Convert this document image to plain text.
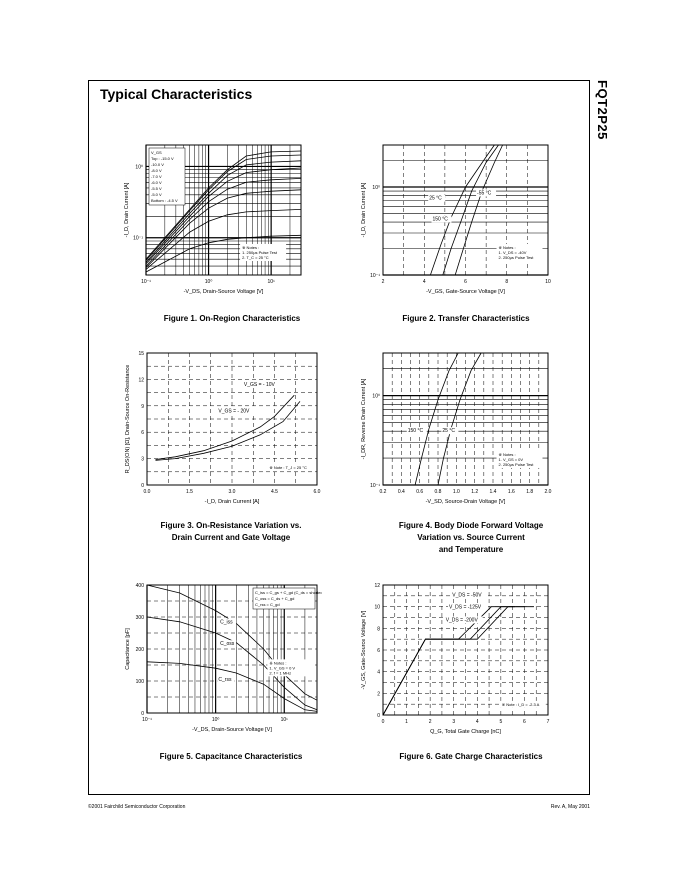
Typical Characteristics	FQT2P25
©2001 Fairchild Semiconductor Corporation	Rev. A, May 2001
10⁻¹	10⁰	10¹
10⁻¹
10⁰
-V_DS, Drain-Source Voltage [V]
-I_D, Drain Current [A]
V_GS
Top : -15.0 V
-10.0 V
-8.0 V
-7.0 V
-6.0 V
-5.5 V
-5.0 V
Bottom : -4.5 V
※ Notes :
1. 250μs Pulse Test
2. T_C = 25 °C
Figure 1. On-Region Characteristics
2	4	6	8	10
10⁻¹
10⁰
-V_GS, Gate-Source Voltage [V]
-I_D, Drain Current [A]	150 °C
25 °C
-55 °C
※ Notes :
1. V_DS = -40V
2. 250μs Pulse Test
Figure 2. Transfer Characteristics
0.0	1.5	3.0	4.5	6.0
0
3
6
9
12
15
-I_D, Drain Current [A]
R_DS(ON) [Ω], Drain-Source On-Resistance	V_GS = - 10V
V_GS = - 20V
※ Note : T_J = 25 °C
Figure 3. On-Resistance Variation vs.
Drain Current and Gate Voltage
0.2 0.4 0.6 0.8 1.0 1.2 1.4 1.6 1.8 2.0
10⁻¹
10⁰
-V_SD, Source-Drain Voltage [V]
-I_DR, Reverse Drain Current [A]	150 °C	25 °C
※ Notes :
1. V_GS = 0V
2. 250μs Pulse Test
Figure 4. Body Diode Forward Voltage
Variation vs. Source Current
and Temperature
10⁻¹	10⁰	10¹
0
100
200
300
400
-V_DS, Drain-Source Voltage [V]
Capacitance [pF]
C_iss = C_gs + C_gd (C_ds = shorted)
C_oss = C_ds + C_gd
C_rss = C_gd
C_iss
C_oss
C_rss
※ Notes :
1. V_GS = 0 V
2. f = 1 MHz
Figure 5. Capacitance Characteristics
0	1	2	3	4	5	6	7
0
2
4
6
8
10
12
Q_G, Total Gate Charge [nC]
-V_GS, Gate-Source Voltage [V]
V_DS = -50V
V_DS = -125V
V_DS = -200V
※ Note : I_D = -2.3 A
Figure 6. Gate Charge Characteristics
